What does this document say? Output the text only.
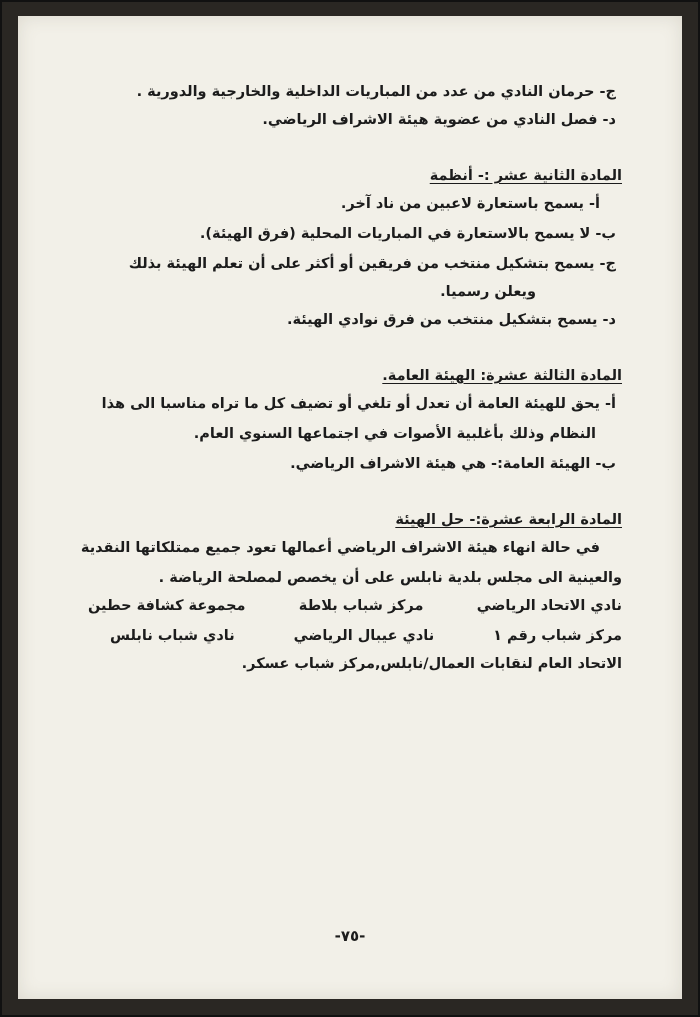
ج- حرمان النادي من عدد من المباريات الداخلية والخارجية والدورية .
د- فصل النادي من عضوية هيئة الاشراف الرياضي.
المادة الثانية عشر :- أنظمة
أ- يسمح باستعارة لاعبين من ناد آخر.
ب- لا يسمح بالاستعارة في المباريات المحلية (فرق الهيئة).
ج- يسمح بتشكيل منتخب من فريقين أو أكثر على أن تعلم الهيئة بذلك
ويعلن رسميا.
د- يسمح بتشكيل منتخب من فرق نوادي الهيئة.
المادة الثالثة عشرة: الهيئة العامة.
أ- يحق للهيئة العامة أن تعدل أو تلغي أو تضيف كل ما تراه مناسبا الى هذا
النظام وذلك بأغلبية الأصوات في اجتماعها السنوي العام.
ب- الهيئة العامة:- هي هيئة الاشراف الرياضي.
المادة الرابعة عشرة:- حل الهيئة
في حالة انهاء هيئة الاشراف الرياضي أعمالها تعود جميع ممتلكاتها النقدية
والعينية الى مجلس بلدية نابلس على أن يخصص لمصلحة الرياضة .
نادي الاتحاد الرياضي
مركز شباب بلاطة
مجموعة كشافة حطين
مركز شباب رقم ١
نادي عيبال الرياضي
نادي شباب نابلس
الاتحاد العام لنقابات العمال/نابلس,مركز شباب عسكر.
-٧٥-
